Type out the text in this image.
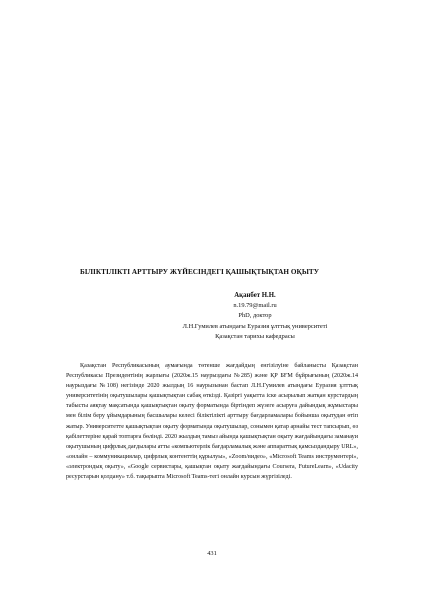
БІЛІКТІЛІКТІ АРТТЫРУ ЖҮЙЕСІНДЕГІ ҚАШЫҚТЫҚТАН ОҚЫТУ
Ақанбет Н.Н.
n.19.79@mail.ru
PhD, доктор
Л.Н.Гумилев атындағы Еуразия ұлттық университеті
Қазақстан тарихы кафедрасы

Қазақстан Республикасының аумағында төтенше жағдайдың енгізілуіне байланысты Қазақстан Республикасы Президентінің жарлығы (2020ж.15 наурыздағы №285) және ҚР БҒМ бұйрығының (2020ж.14 наурыздағы №108) негізінде 2020 жылдың 16 наурызынан бастап Л.Н.Гумилев атындағы Еуразия ұлттық университетінің оқытушылары қашықтықтан сабақ өткізді. Қазіргі уақытта іске асырылып жатқан курстардың табысты аяқтау мақсатында қашықтықтан оқыту форматында біртіндеп жүзеге асыруға дайындық жұмыстары мен білім беру ұйымдарының басшылары келесі біліктілікті арттыру бағдарламалары бойынша оқытудан өтіп жатыр. Университетте қашықтықтан оқыту форматында оқытушылар, сонымен қатар арнайы тест тапсырып, өз қабілеттеріне қарай топтарға бөлінді. 2020 жылдың тамыз айында қашықтықтан оқыту жағдайындағы заманауи оқытушының цифрлық дағдылары атты «компьютерлік бағдарламалық және аппараттық қамсыздандыру URL», «онлайн – коммуникациялар, цифрлық контенттің құрылуы», «Zoom/видео», «Microsoft Teams инструментері», «электрондық оқыту», «Google сервистары, қашықтан оқыту жағдайындағы Coursera, FutureLearn», «Udacity ресурстарын қолдану» т.б. тақырыпта Microsoft Teams-тегі онлайн курсын жүргізіледі.

431
